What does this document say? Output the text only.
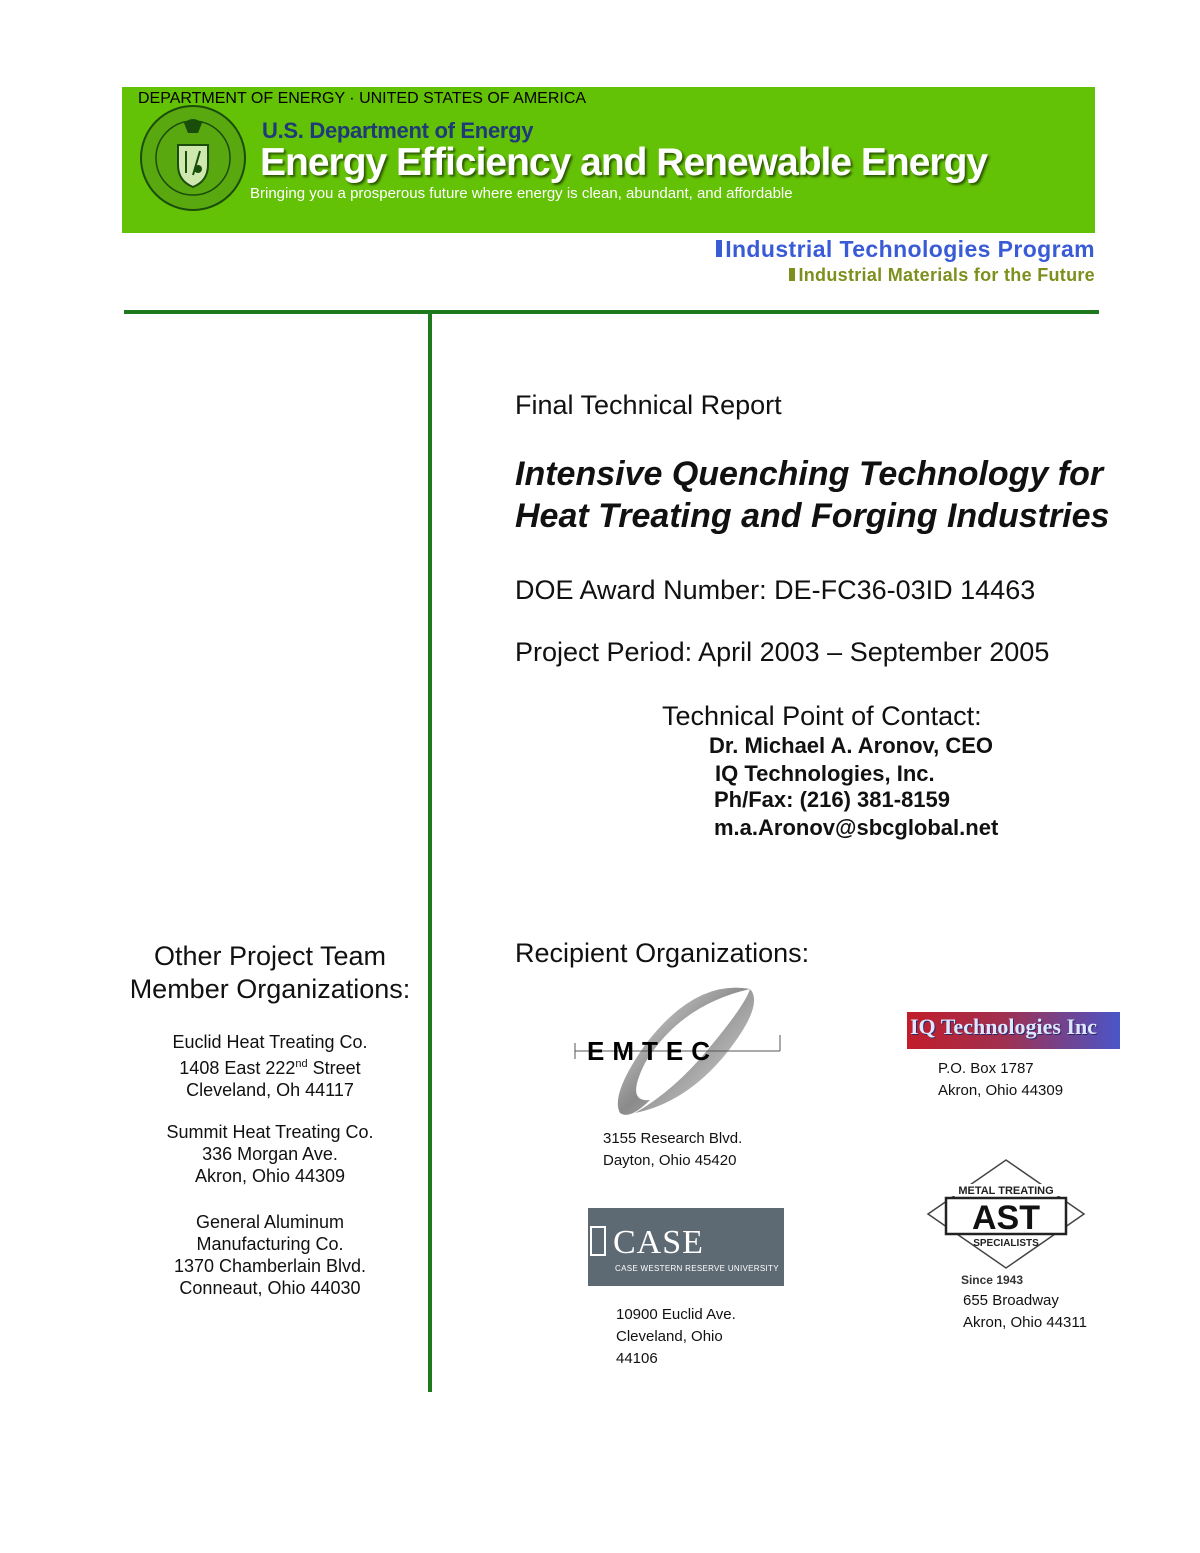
DEPARTMENT OF ENERGY · UNITED STATES OF AMERICA
U.S. Department of Energy
Energy Efficiency and Renewable Energy
Bringing you a prosperous future where energy is clean, abundant, and affordable
Industrial Technologies Program
Industrial Materials for the Future
Final Technical Report
Intensive Quenching Technology for
Heat Treating and Forging Industries
DOE Award Number: DE-FC36-03ID 14463
Project Period: April 2003 – September 2005
Technical Point of Contact:
Dr. Michael A. Aronov, CEO
IQ Technologies, Inc.
Ph/Fax: (216) 381-8159
m.a.Aronov@sbcglobal.net
Other Project Team
Member Organizations:
Euclid Heat Treating Co.
1408 East 222nd Street
Cleveland, Oh 44117
Summit Heat Treating Co.
336 Morgan Ave.
Akron, Ohio 44309
General Aluminum
Manufacturing Co.
1370 Chamberlain Blvd.
Conneaut, Ohio 44030
Recipient Organizations:
EMTEC
3155 Research Blvd.
Dayton, Ohio 45420
IQ Technologies Inc
P.O. Box 1787
Akron, Ohio 44309
CASE
CASE WESTERN RESERVE UNIVERSITY
10900 Euclid Ave.
Cleveland, Ohio
44106
METAL TREATING
AST
SPECIALISTS
Since 1943
655 Broadway
Akron, Ohio 44311
